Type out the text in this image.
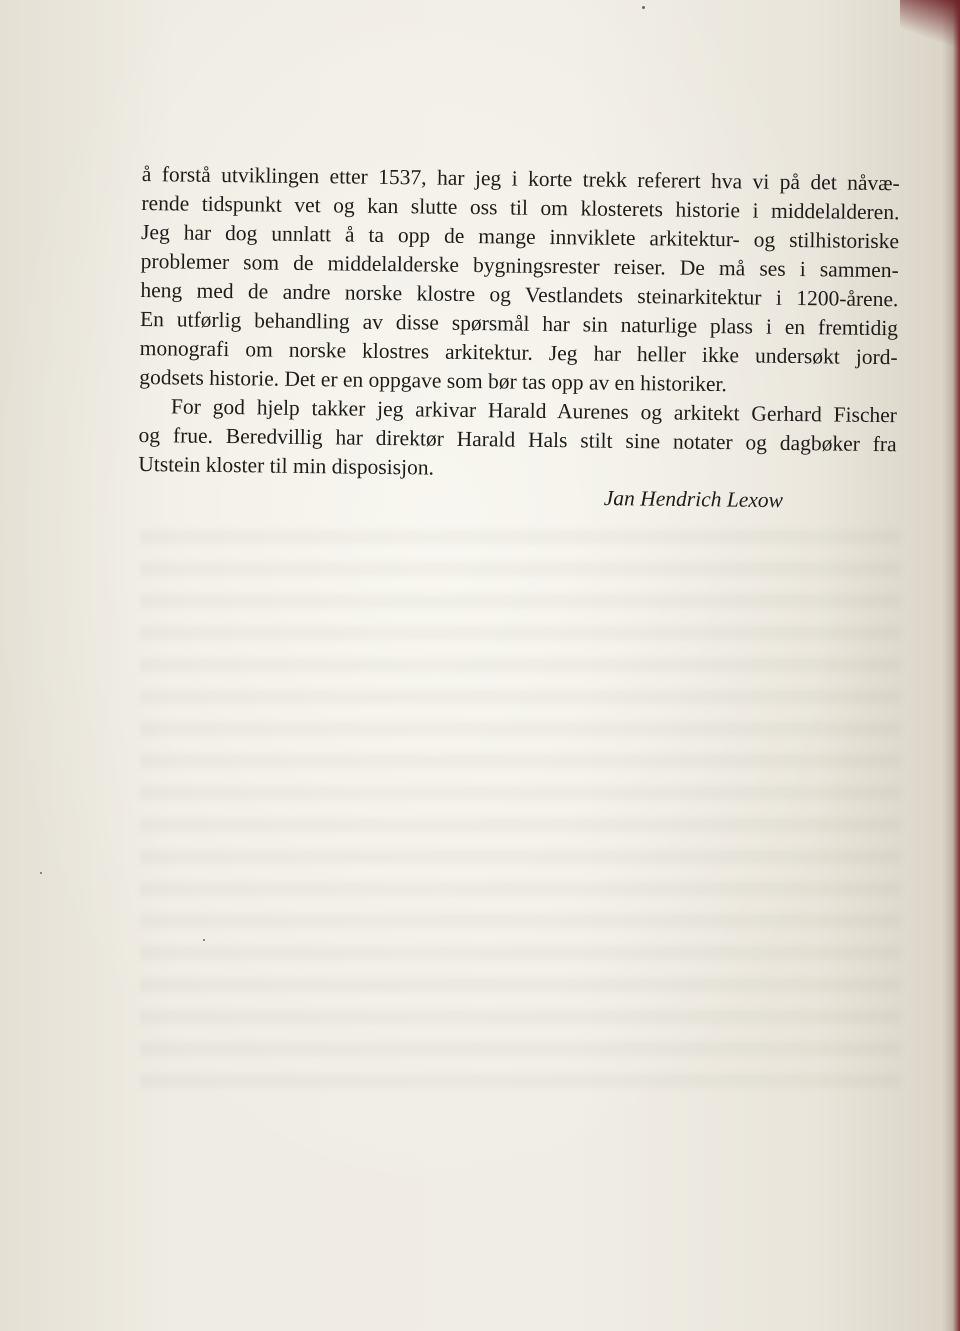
å forstå utviklingen etter 1537, har jeg i korte trekk referert hva vi på det nåvæ-
rende tidspunkt vet og kan slutte oss til om klosterets historie i middelalderen.
Jeg har dog unnlatt å ta opp de mange innviklete arkitektur- og stilhistoriske
problemer som de middelalderske bygningsrester reiser. De må ses i sammen-
heng med de andre norske klostre og Vestlandets steinarkitektur i 1200-årene.
En utførlig behandling av disse spørsmål har sin naturlige plass i en fremtidig
monografi om norske klostres arkitektur. Jeg har heller ikke undersøkt jord-
godsets historie. Det er en oppgave som bør tas opp av en historiker.
For god hjelp takker jeg arkivar Harald Aurenes og arkitekt Gerhard Fischer
og frue. Beredvillig har direktør Harald Hals stilt sine notater og dagbøker fra
Utstein kloster til min disposisjon.
Jan Hendrich Lexow
